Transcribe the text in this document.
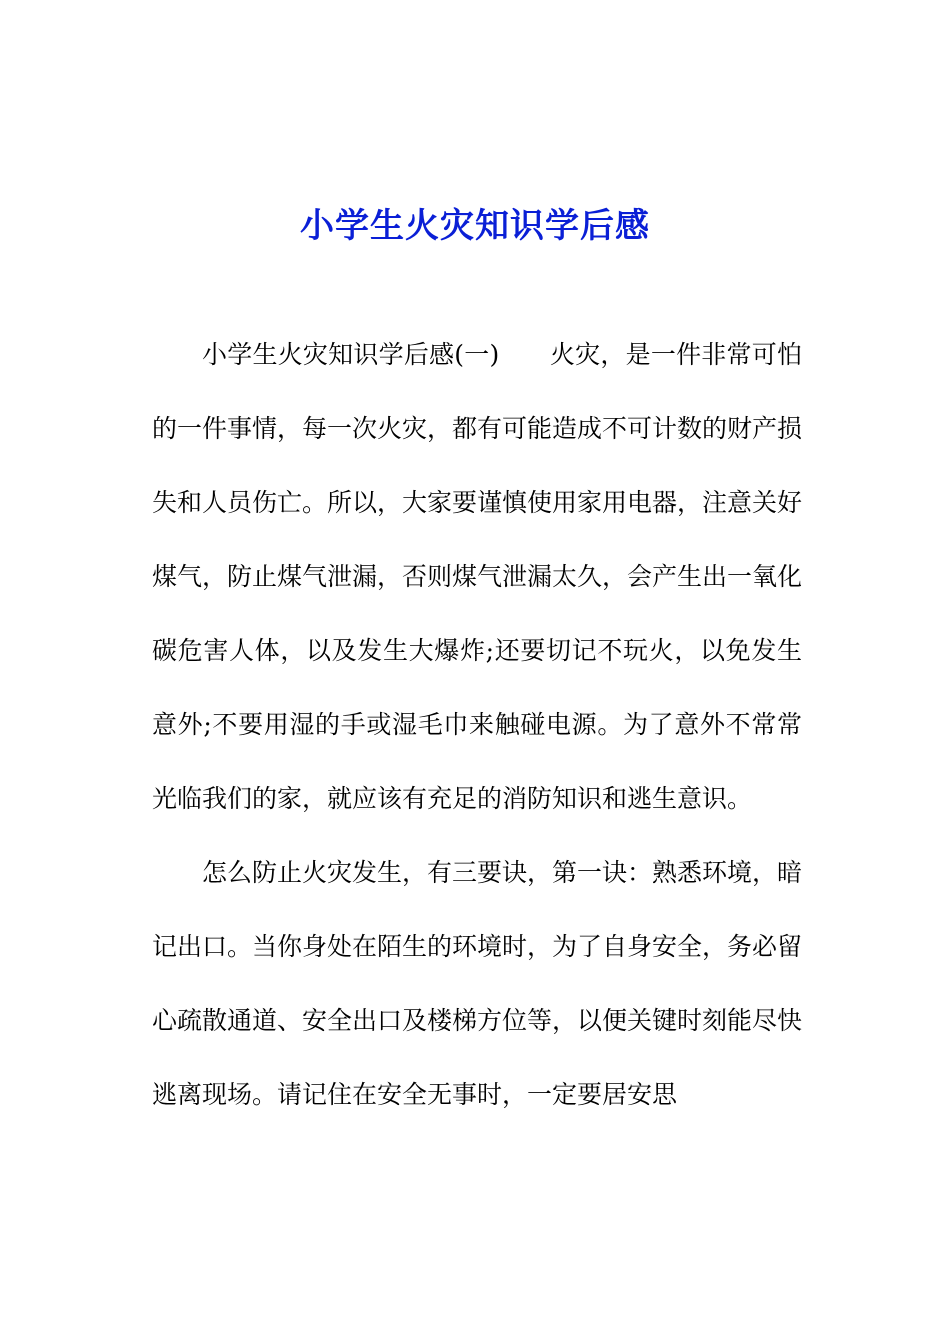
小学生火灾知识学后感

小学生火灾知识学后感(一)　　火灾，是一件非常可怕的一件事情，每一次火灾，都有可能造成不可计数的财产损失和人员伤亡。所以，大家要谨慎使用家用电器，注意关好煤气，防止煤气泄漏，否则煤气泄漏太久，会产生出一氧化碳危害人体，以及发生大爆炸;还要切记不玩火，以免发生意外;不要用湿的手或湿毛巾来触碰电源。为了意外不常常光临我们的家，就应该有充足的消防知识和逃生意识。

怎么防止火灾发生，有三要诀，第一诀：熟悉环境，暗记出口。当你身处在陌生的环境时，为了自身安全，务必留心疏散通道、安全出口及楼梯方位等，以便关键时刻能尽快逃离现场。请记住在安全无事时，一定要居安思
